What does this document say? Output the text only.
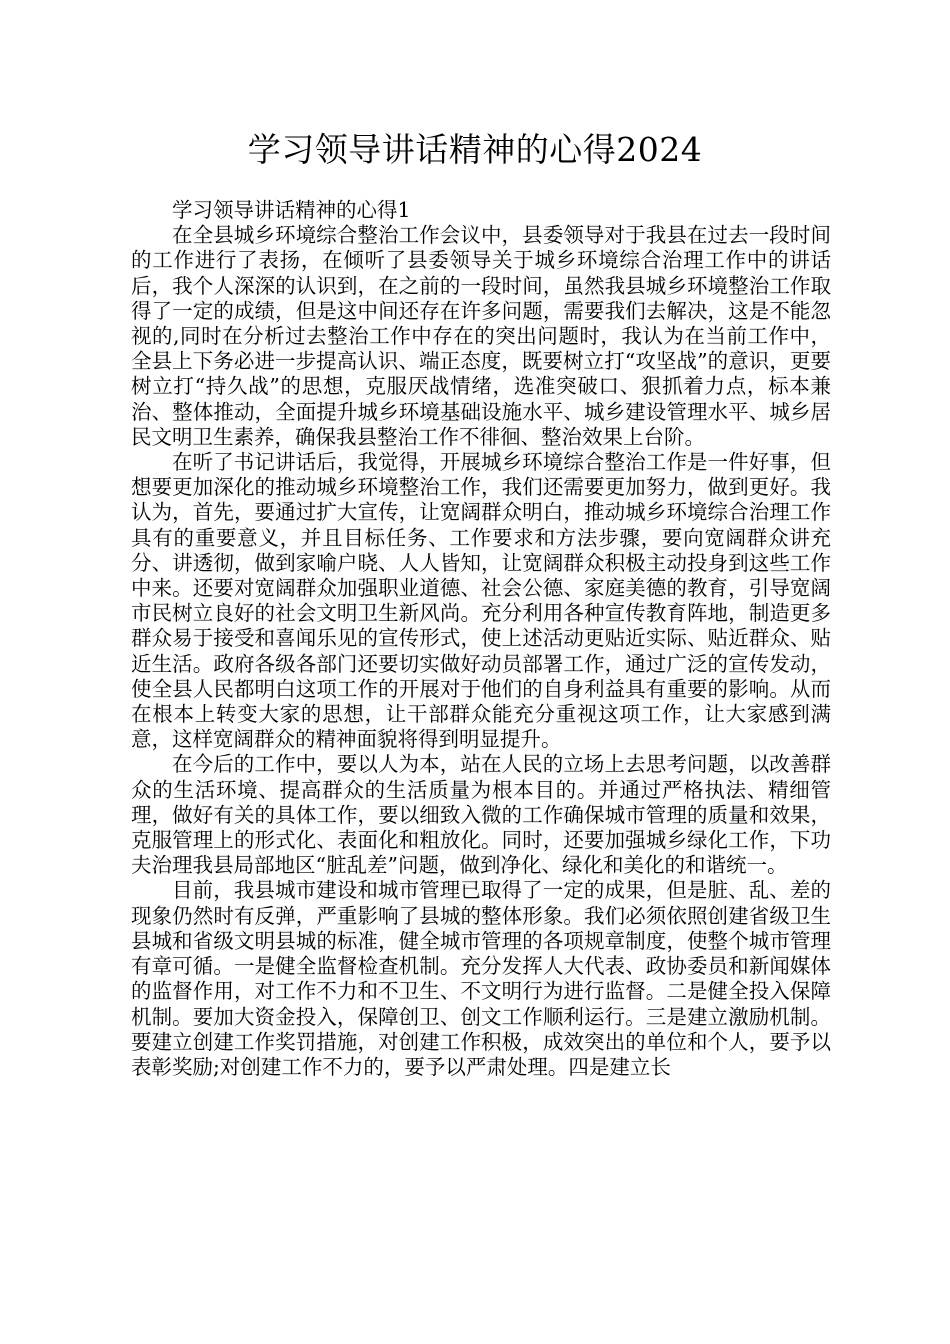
学习领导讲话精神的心得2024

学习领导讲话精神的心得1

在全县城乡环境综合整治工作会议中，县委领导对于我县在过去一段时间的工作进行了表扬，在倾听了县委领导关于城乡环境综合治理工作中的讲话后，我个人深深的认识到，在之前的一段时间，虽然我县城乡环境整治工作取得了一定的成绩，但是这中间还存在许多问题，需要我们去解决，这是不能忽视的,同时在分析过去整治工作中存在的突出问题时，我认为在当前工作中，全县上下务必进一步提高认识、端正态度，既要树立打“攻坚战”的意识，更要树立打“持久战”的思想，克服厌战情绪，选准突破口、狠抓着力点，标本兼治、整体推动，全面提升城乡环境基础设施水平、城乡建设管理水平、城乡居民文明卫生素养，确保我县整治工作不徘徊、整治效果上台阶。

在听了书记讲话后，我觉得，开展城乡环境综合整治工作是一件好事，但想要更加深化的推动城乡环境整治工作，我们还需要更加努力，做到更好。我认为，首先，要通过扩大宣传，让宽阔群众明白，推动城乡环境综合治理工作具有的重要意义，并且目标任务、工作要求和方法步骤，要向宽阔群众讲充分、讲透彻，做到家喻户晓、人人皆知，让宽阔群众积极主动投身到这些工作中来。还要对宽阔群众加强职业道德、社会公德、家庭美德的教育，引导宽阔市民树立良好的社会文明卫生新风尚。充分利用各种宣传教育阵地，制造更多群众易于接受和喜闻乐见的宣传形式，使上述活动更贴近实际、贴近群众、贴近生活。政府各级各部门还要切实做好动员部署工作，通过广泛的宣传发动，使全县人民都明白这项工作的开展对于他们的自身利益具有重要的影响。从而在根本上转变大家的思想，让干部群众能充分重视这项工作，让大家感到满意，这样宽阔群众的精神面貌将得到明显提升。

在今后的工作中，要以人为本，站在人民的立场上去思考问题，以改善群众的生活环境、提高群众的生活质量为根本目的。并通过严格执法、精细管理，做好有关的具体工作，要以细致入微的工作确保城市管理的质量和效果，克服管理上的形式化、表面化和粗放化。同时，还要加强城乡绿化工作，下功夫治理我县局部地区“脏乱差”问题，做到净化、绿化和美化的和谐统一。

目前，我县城市建设和城市管理已取得了一定的成果，但是脏、乱、差的现象仍然时有反弹，严重影响了县城的整体形象。我们必须依照创建省级卫生县城和省级文明县城的标准，健全城市管理的各项规章制度，使整个城市管理有章可循。一是健全监督检查机制。充分发挥人大代表、政协委员和新闻媒体的监督作用，对工作不力和不卫生、不文明行为进行监督。二是健全投入保障机制。要加大资金投入，保障创卫、创文工作顺利运行。三是建立激励机制。要建立创建工作奖罚措施，对创建工作积极，成效突出的单位和个人，要予以表彰奖励;对创建工作不力的，要予以严肃处理。四是建立长
